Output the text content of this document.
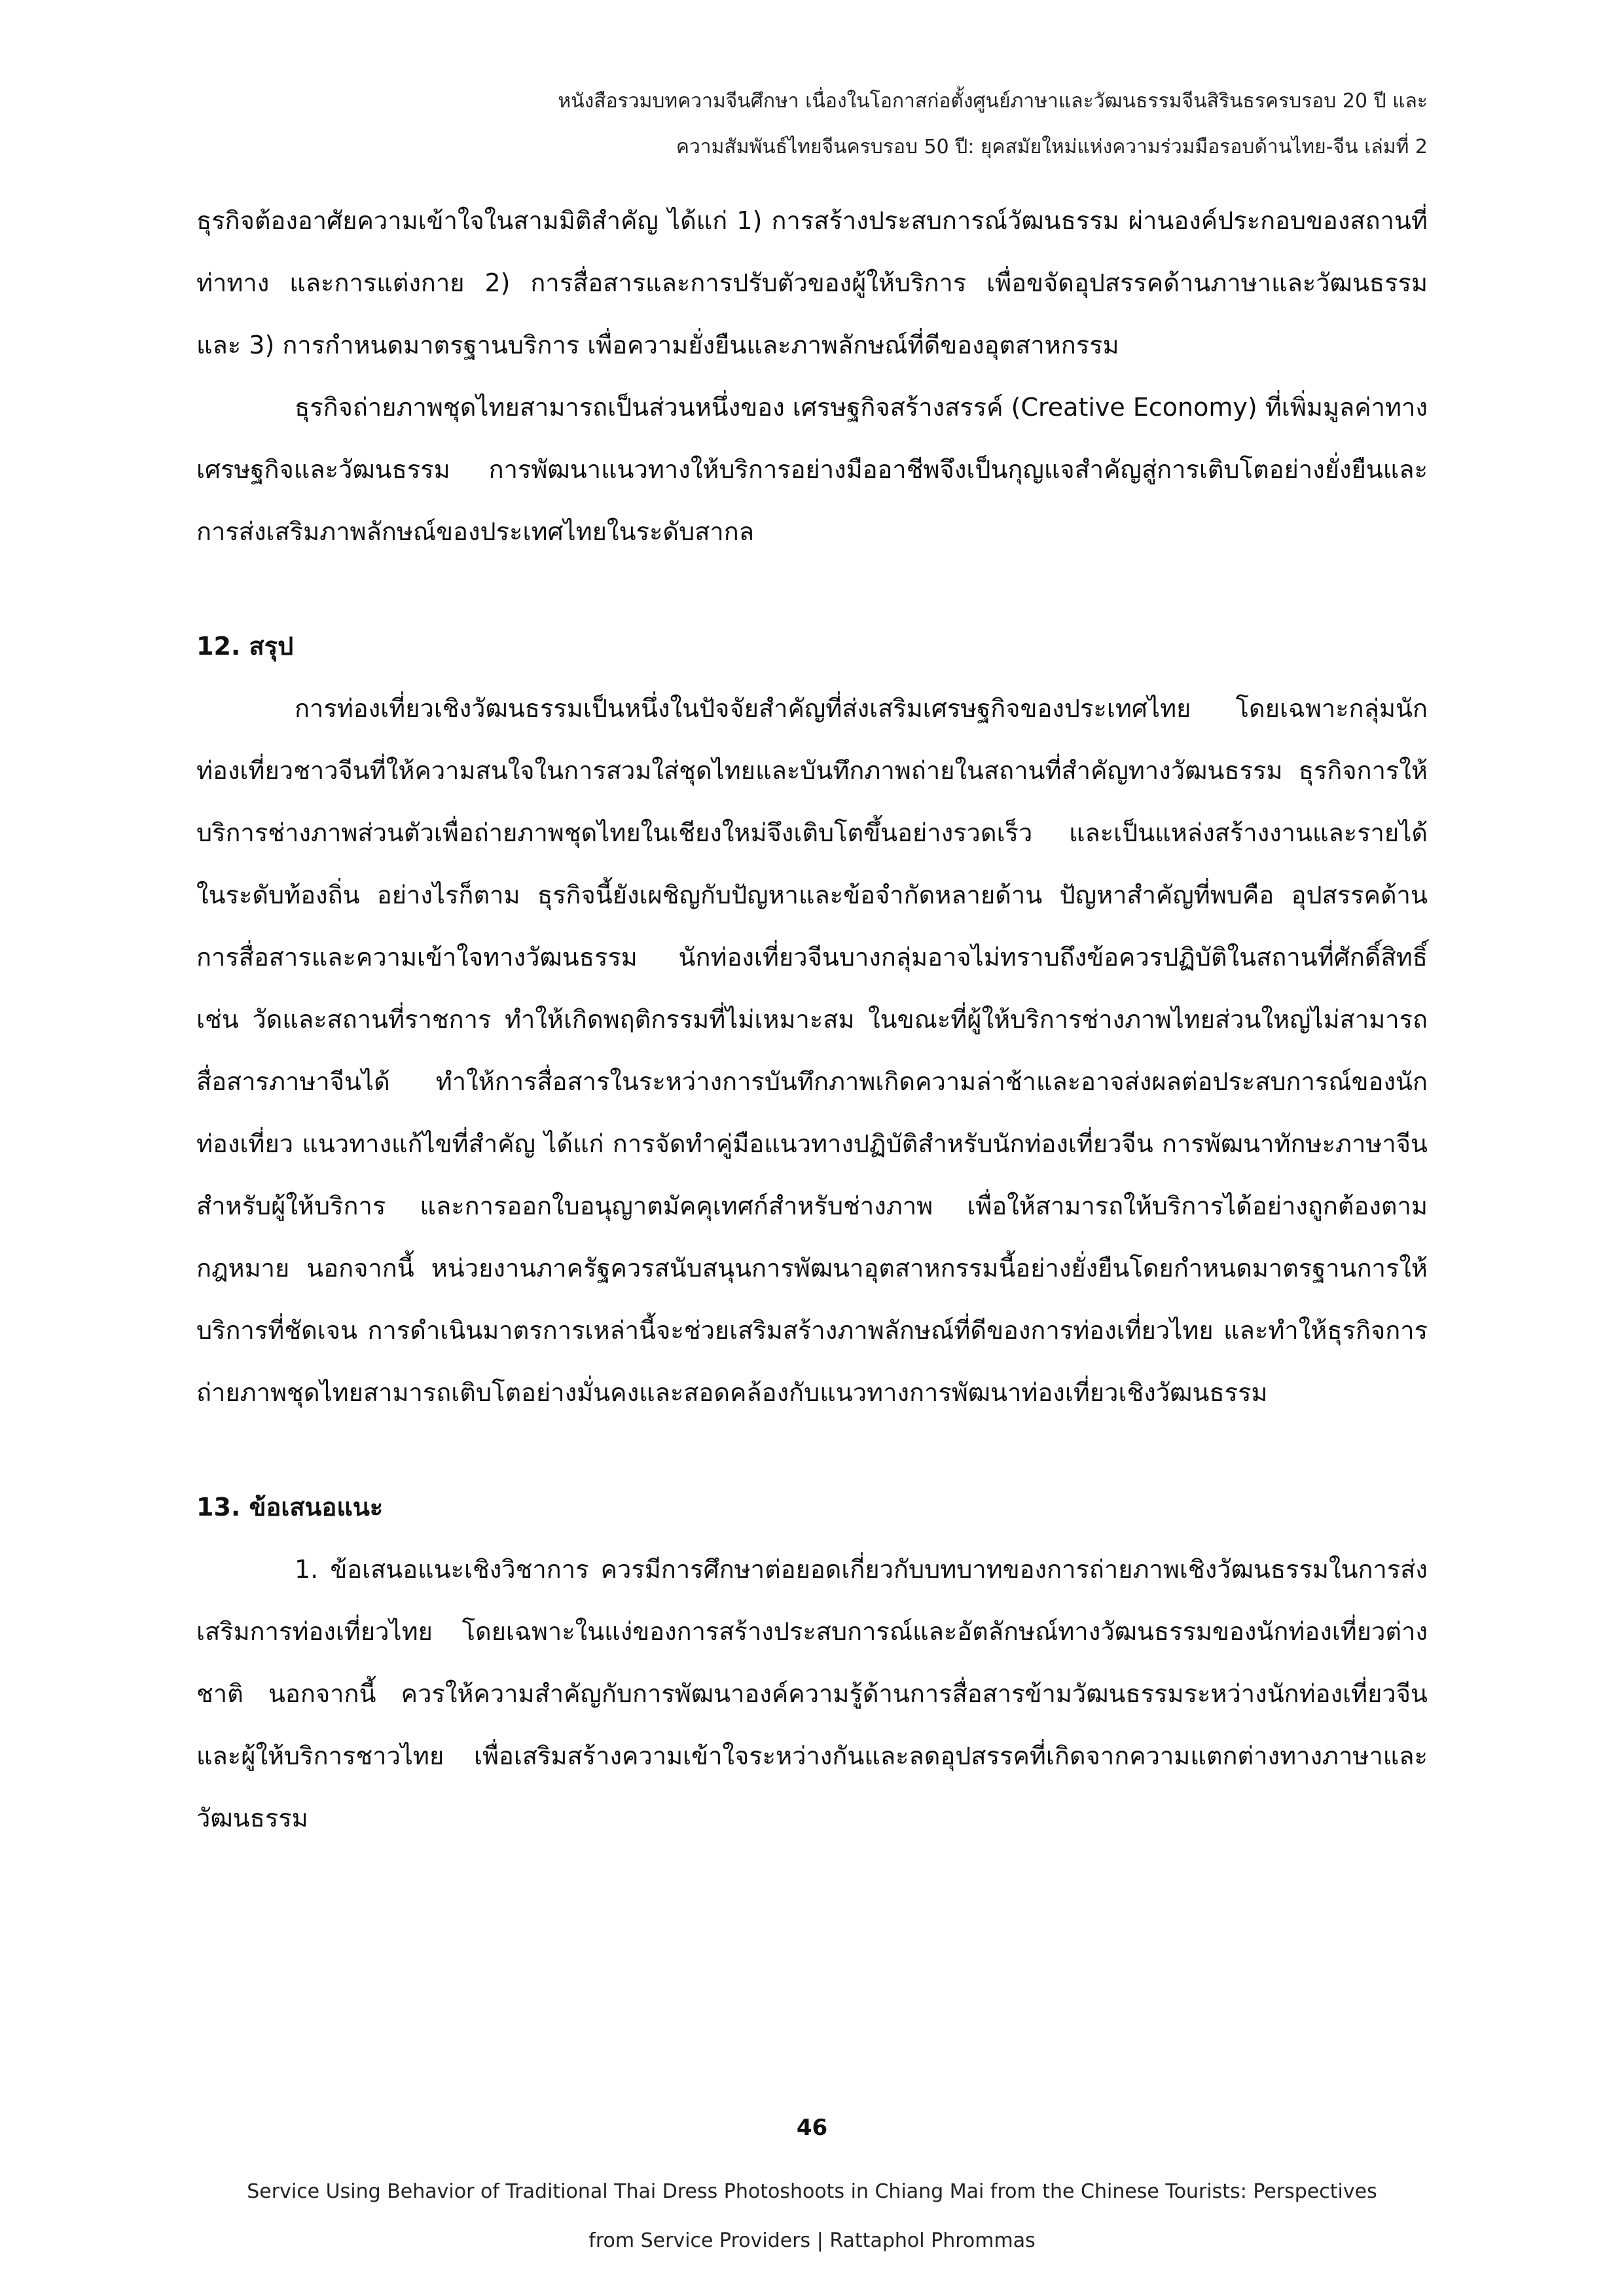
หนังสือรวมบทความจีนศึกษา เนื่องในโอกาสก่อตั้งศูนย์ภาษาและวัฒนธรรมจีนสิรินธรครบรอบ 20 ปี และ
ความสัมพันธ์ไทยจีนครบรอบ 50 ปี: ยุคสมัยใหม่แห่งความร่วมมือรอบด้านไทย-จีน เล่มที่ 2

ธุรกิจต้องอาศัยความเข้าใจในสามมิติสำคัญ ได้แก่ 1) การสร้างประสบการณ์วัฒนธรรม ผ่านองค์ประกอบของสถานที่ ท่าทาง และการแต่งกาย 2) การสื่อสารและการปรับตัวของผู้ให้บริการ เพื่อขจัดอุปสรรคด้านภาษาและวัฒนธรรม และ 3) การกำหนดมาตรฐานบริการ เพื่อความยั่งยืนและภาพลักษณ์ที่ดีของอุตสาหกรรม

ธุรกิจถ่ายภาพชุดไทยสามารถเป็นส่วนหนึ่งของ เศรษฐกิจสร้างสรรค์ (Creative Economy) ที่เพิ่มมูลค่าทางเศรษฐกิจและวัฒนธรรม การพัฒนาแนวทางให้บริการอย่างมืออาชีพจึงเป็นกุญแจสำคัญสู่การเติบโตอย่างยั่งยืนและการส่งเสริมภาพลักษณ์ของประเทศไทยในระดับสากล

12. สรุป

การท่องเที่ยวเชิงวัฒนธรรมเป็นหนึ่งในปัจจัยสำคัญที่ส่งเสริมเศรษฐกิจของประเทศไทย โดยเฉพาะกลุ่มนักท่องเที่ยวชาวจีนที่ให้ความสนใจในการสวมใส่ชุดไทยและบันทึกภาพถ่ายในสถานที่สำคัญทางวัฒนธรรม ธุรกิจการให้บริการช่างภาพส่วนตัวเพื่อถ่ายภาพชุดไทยในเชียงใหม่จึงเติบโตขึ้นอย่างรวดเร็ว และเป็นแหล่งสร้างงานและรายได้ในระดับท้องถิ่น อย่างไรก็ตาม ธุรกิจนี้ยังเผชิญกับปัญหาและข้อจำกัดหลายด้าน ปัญหาสำคัญที่พบคือ อุปสรรคด้านการสื่อสารและความเข้าใจทางวัฒนธรรม นักท่องเที่ยวจีนบางกลุ่มอาจไม่ทราบถึงข้อควรปฏิบัติในสถานที่ศักดิ์สิทธิ์ เช่น วัดและสถานที่ราชการ ทำให้เกิดพฤติกรรมที่ไม่เหมาะสม ในขณะที่ผู้ให้บริการช่างภาพไทยส่วนใหญ่ไม่สามารถสื่อสารภาษาจีนได้ ทำให้การสื่อสารในระหว่างการบันทึกภาพเกิดความล่าช้าและอาจส่งผลต่อประสบการณ์ของนักท่องเที่ยว แนวทางแก้ไขที่สำคัญ ได้แก่ การจัดทำคู่มือแนวทางปฏิบัติสำหรับนักท่องเที่ยวจีน การพัฒนาทักษะภาษาจีนสำหรับผู้ให้บริการ และการออกใบอนุญาตมัคคุเทศก์สำหรับช่างภาพ เพื่อให้สามารถให้บริการได้อย่างถูกต้องตามกฎหมาย นอกจากนี้ หน่วยงานภาครัฐควรสนับสนุนการพัฒนาอุตสาหกรรมนี้อย่างยั่งยืนโดยกำหนดมาตรฐานการให้บริการที่ชัดเจน การดำเนินมาตรการเหล่านี้จะช่วยเสริมสร้างภาพลักษณ์ที่ดีของการท่องเที่ยวไทย และทำให้ธุรกิจการถ่ายภาพชุดไทยสามารถเติบโตอย่างมั่นคงและสอดคล้องกับแนวทางการพัฒนาท่องเที่ยวเชิงวัฒนธรรม

13. ข้อเสนอแนะ

1. ข้อเสนอแนะเชิงวิชาการ ควรมีการศึกษาต่อยอดเกี่ยวกับบทบาทของการถ่ายภาพเชิงวัฒนธรรมในการส่งเสริมการท่องเที่ยวไทย โดยเฉพาะในแง่ของการสร้างประสบการณ์และอัตลักษณ์ทางวัฒนธรรมของนักท่องเที่ยวต่างชาติ นอกจากนี้ ควรให้ความสำคัญกับการพัฒนาองค์ความรู้ด้านการสื่อสารข้ามวัฒนธรรมระหว่างนักท่องเที่ยวจีนและผู้ให้บริการชาวไทย เพื่อเสริมสร้างความเข้าใจระหว่างกันและลดอุปสรรคที่เกิดจากความแตกต่างทางภาษาและวัฒนธรรม

46
Service Using Behavior of Traditional Thai Dress Photoshoots in Chiang Mai from the Chinese Tourists: Perspectives
from Service Providers | Rattaphol Phrommas
